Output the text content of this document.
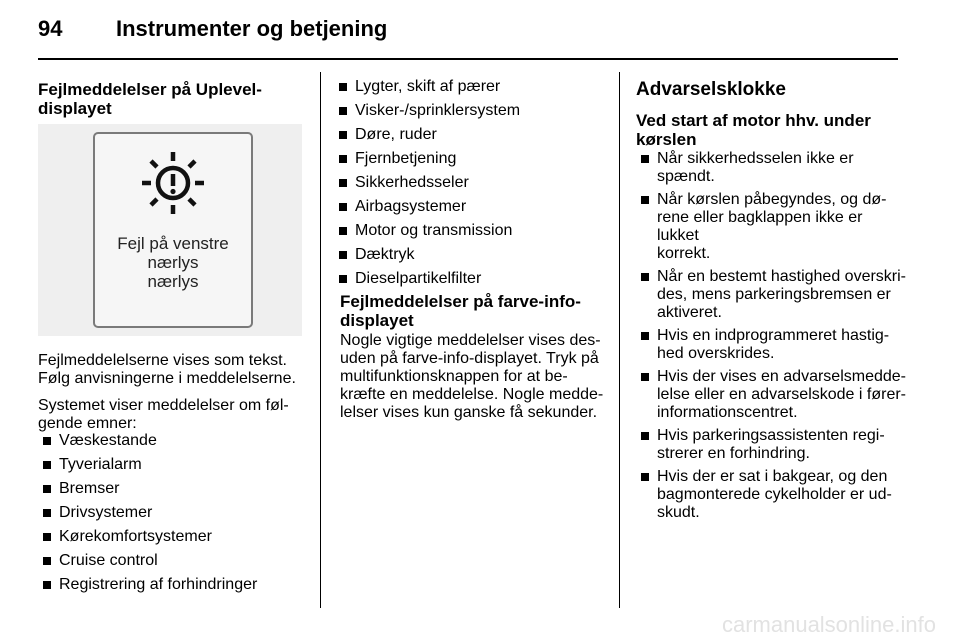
94 Instrumenter og betjening
Fejlmeddelelser på Uplevel-
displayet
Fejl på venstre
nærlys
nærlys
Fejlmeddelelserne vises som tekst. Følg anvisningerne i meddelelserne.
Systemet viser meddelelser om føl-
gende emner:
Væskestande
Tyverialarm
Bremser
Drivsystemer
Kørekomfortsystemer
Cruise control
Registrering af forhindringer
Lygter, skift af pærer
Visker-/sprinklersystem
Døre, ruder
Fjernbetjening
Sikkerhedsseler
Airbagsystemer
Motor og transmission
Dæktryk
Dieselpartikelfilter
Fejlmeddelelser på farve-info-
displayet
Nogle vigtige meddelelser vises des-
uden på farve-info-displayet. Tryk på
multifunktionsknappen for at be-
kræfte en meddelelse. Nogle medde-
lelser vises kun ganske få sekunder.
Advarselsklokke
Ved start af motor hhv. under
kørslen
Når sikkerhedsselen ikke er
spændt.
Når kørslen påbegyndes, og dø-
rene eller bagklappen ikke er lukket
korrekt.
Når en bestemt hastighed overskri-
des, mens parkeringsbremsen er
aktiveret.
Hvis en indprogrammeret hastig-
hed overskrides.
Hvis der vises en advarselsmedde-
lelse eller en advarselskode i fører-
informationscentret.
Hvis parkeringsassistenten regi-
strerer en forhindring.
Hvis der er sat i bakgear, og den
bagmonterede cykelholder er ud-
skudt.
carmanualsonline.info
